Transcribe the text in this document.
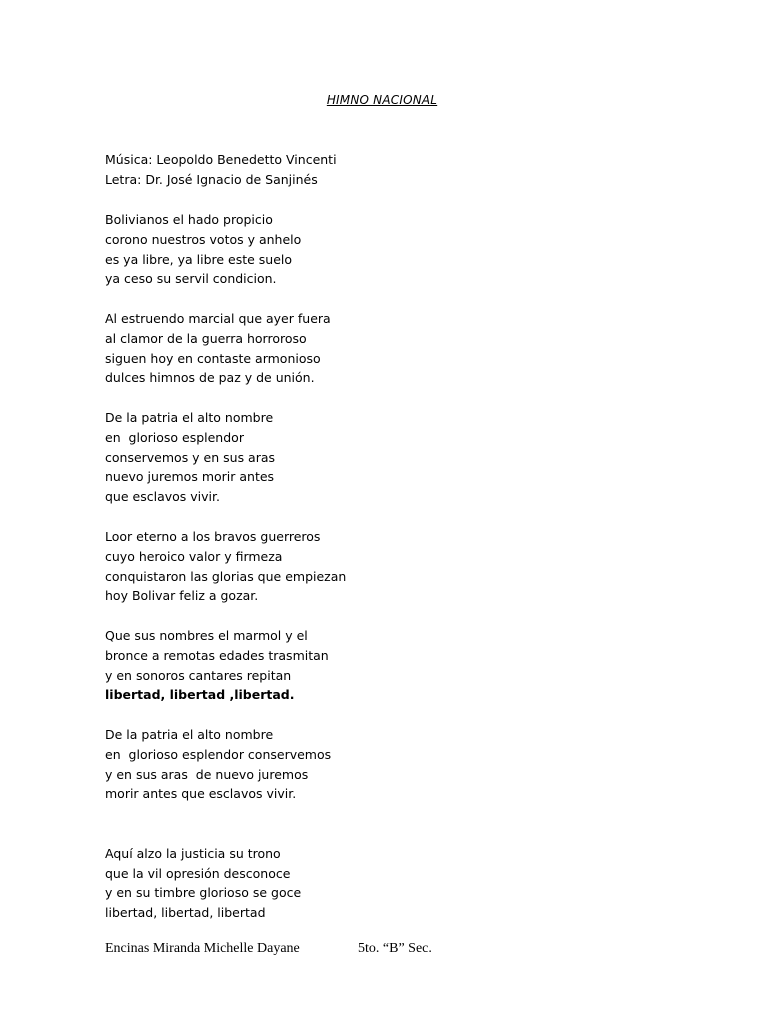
HIMNO NACIONAL
Música: Leopoldo Benedetto Vincenti
Letra: Dr. José Ignacio de Sanjinés
Bolivianos el hado propicio
corono nuestros votos y anhelo
es ya libre, ya libre este suelo
ya ceso su servil condicion.
Al estruendo marcial que ayer fuera
al clamor de la guerra horroroso
siguen hoy en contaste armonioso
dulces himnos de paz y de unión.
De la patria el alto nombre
en  glorioso esplendor
conservemos y en sus aras
nuevo juremos morir antes
que esclavos vivir.
Loor eterno a los bravos guerreros
cuyo heroico valor y firmeza
conquistaron las glorias que empiezan
hoy Bolivar feliz a gozar.
Que sus nombres el marmol y el
bronce a remotas edades trasmitan
y en sonoros cantares repitan
libertad, libertad ,libertad.
De la patria el alto nombre
en  glorioso esplendor conservemos
y en sus aras  de nuevo juremos
morir antes que esclavos vivir.
Aquí alzo la justicia su trono
que la vil opresión desconoce
y en su timbre glorioso se goce
libertad, libertad, libertad
Encinas Miranda Michelle Dayane	5to. “B” Sec.
